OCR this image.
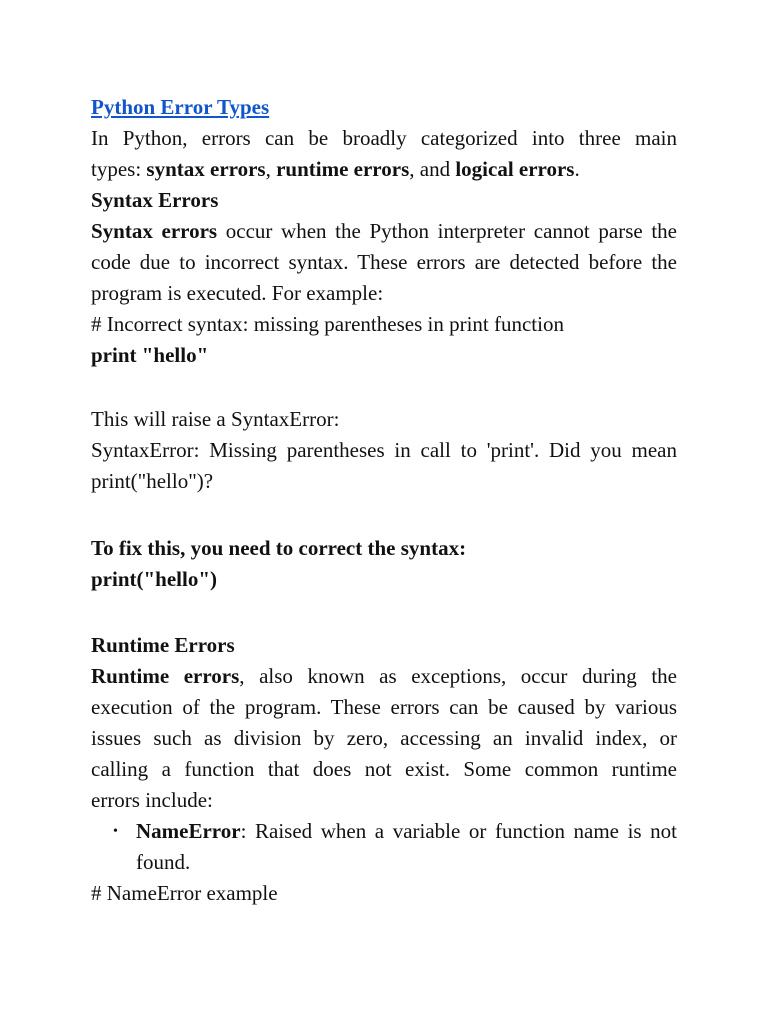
Python Error Types
In Python, errors can be broadly categorized into three main
types: syntax errors, runtime errors, and logical errors.
Syntax Errors
Syntax errors occur when the Python interpreter cannot parse the
code due to incorrect syntax. These errors are detected before the
program is executed. For example:
# Incorrect syntax: missing parentheses in print function
print "hello"
This will raise a SyntaxError:
SyntaxError: Missing parentheses in call to 'print'. Did you mean
print("hello")?
To fix this, you need to correct the syntax:
print("hello")
Runtime Errors
Runtime errors, also known as exceptions, occur during the
execution of the program. These errors can be caused by various
issues such as division by zero, accessing an invalid index, or
calling a function that does not exist. Some common runtime
errors include:
• NameError: Raised when a variable or function name is not
found.
# NameError example
